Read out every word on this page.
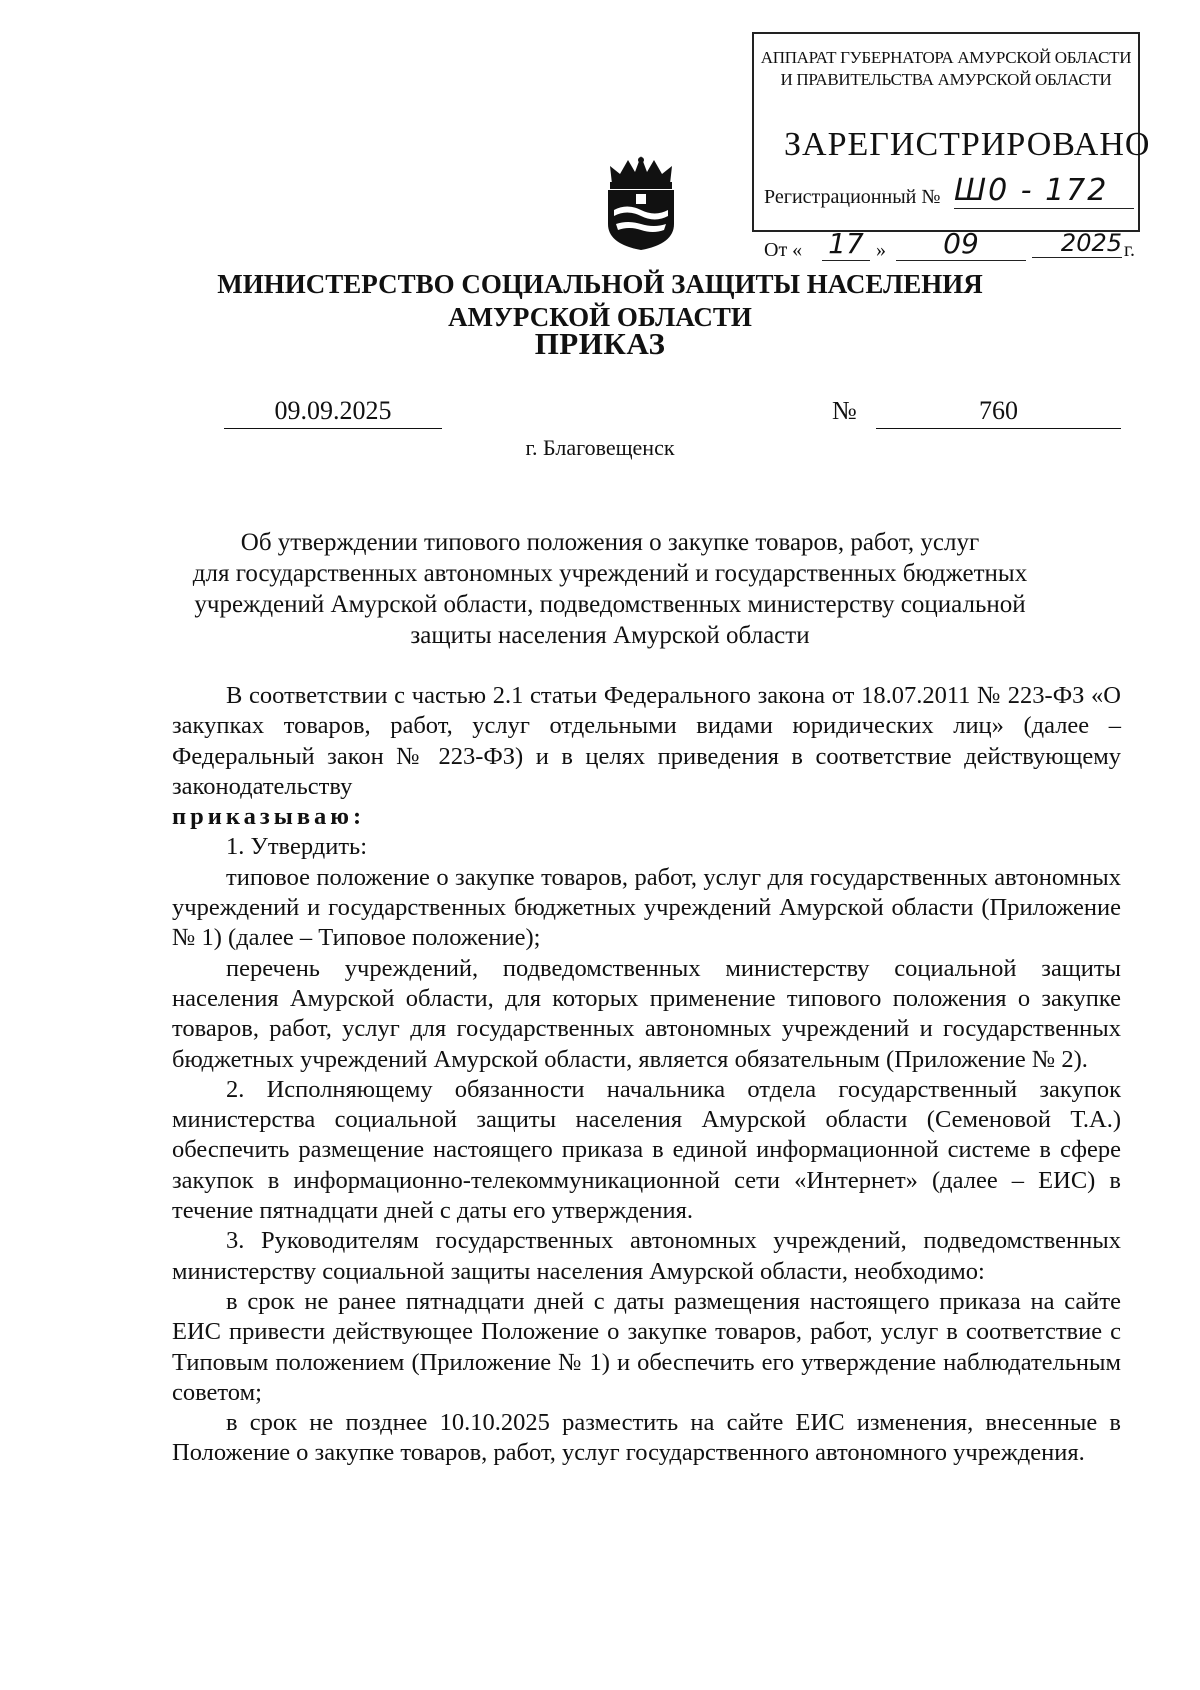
АППАРАТ ГУБЕРНАТОРА АМУРСКОЙ ОБЛАСТИ
И ПРАВИТЕЛЬСТВА АМУРСКОЙ ОБЛАСТИ
ЗАРЕГИСТРИРОВАНО
Регистрационный № Ш0 - 172
От « 17 »	09	2025 г.
МИНИСТЕРСТВО СОЦИАЛЬНОЙ ЗАЩИТЫ НАСЕЛЕНИЯ
АМУРСКОЙ ОБЛАСТИ
ПРИКАЗ
09.09.2025	№	760
г. Благовещенск
Об утверждении типового положения о закупке товаров, работ, услуг
для государственных автономных учреждений и государственных бюджетных
учреждений Амурской области, подведомственных министерству социальной
защиты населения Амурской области

В соответствии с частью 2.1 статьи Федерального закона от 18.07.2011 № 223-ФЗ «О закупках товаров, работ, услуг отдельными видами юридических лиц» (далее – Федеральный закон № 223-ФЗ) и в целях приведения в соответствие действующему законодательству

приказываю:

1. Утвердить:

типовое положение о закупке товаров, работ, услуг для государственных автономных учреждений и государственных бюджетных учреждений Амурской области (Приложение № 1) (далее – Типовое положение);

перечень учреждений, подведомственных министерству социальной защиты населения Амурской области, для которых применение типового положения о закупке товаров, работ, услуг для государственных автономных учреждений и государственных бюджетных учреждений Амурской области, является обязательным (Приложение № 2).

2. Исполняющему обязанности начальника отдела государственный закупок министерства социальной защиты населения Амурской области (Семеновой Т.А.) обеспечить размещение настоящего приказа в единой информационной системе в сфере закупок в информационно-телекоммуникационной сети «Интернет» (далее – ЕИС) в течение пятнадцати дней с даты его утверждения.

3. Руководителям государственных автономных учреждений, подведомственных министерству социальной защиты населения Амурской области, необходимо:

в срок не ранее пятнадцати дней с даты размещения настоящего приказа на сайте ЕИС привести действующее Положение о закупке товаров, работ, услуг в соответствие с Типовым положением (Приложение № 1) и обеспечить его утверждение наблюдательным советом;

в срок не позднее 10.10.2025 разместить на сайте ЕИС изменения, внесенные в Положение о закупке товаров, работ, услуг государственного автономного учреждения.
